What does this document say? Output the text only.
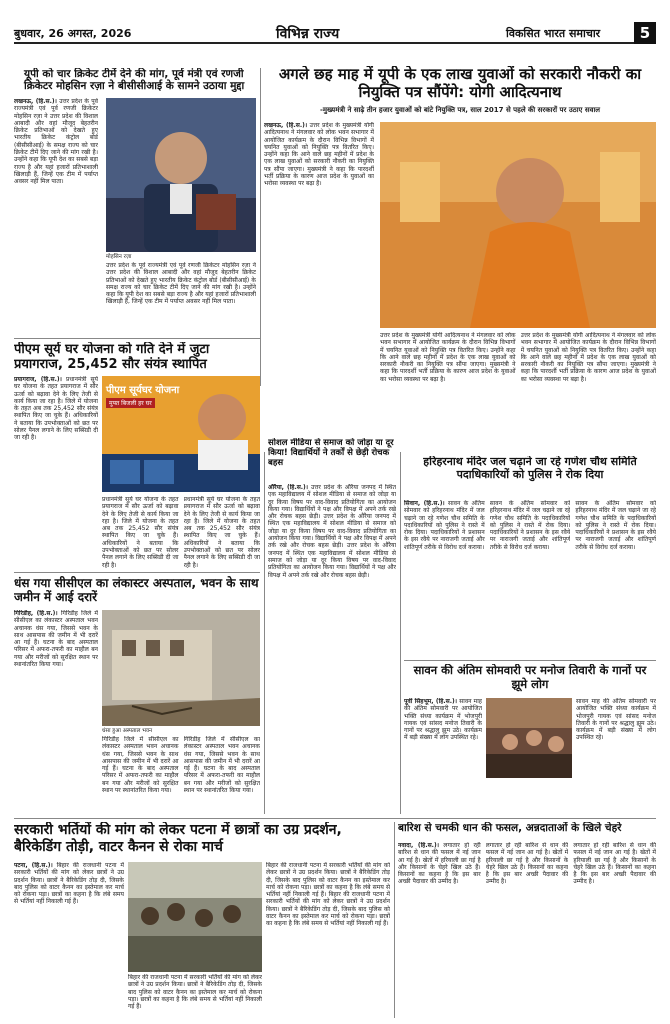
बुधवार, 26 अगस्त, 2026	विभिन्न राज्य	विकसित भारत समाचार	5
यूपी को चार क्रिकेट टीमें देने की मांग, पूर्व मंत्री एवं रणजी क्रिकेटर मोहसिन रज़ा ने बीसीसीआई के सामने उठाया मुद्दा
लखनऊ, (हि.स.)। उत्तर प्रदेश के पूर्व राज्यमंत्री एवं पूर्व रणजी क्रिकेटर मोहसिन रज़ा ने उत्तर प्रदेश की विशाल आबादी और वहां मौजूद बेहतरीन क्रिकेट प्रतिभाओं को देखते हुए भारतीय क्रिकेट कंट्रोल बोर्ड (बीसीसीआई) के समक्ष राज्य को चार क्रिकेट टीमें दिए जाने की मांग रखी है। उन्होंने कहा कि यूपी देश का सबसे बड़ा राज्य है और यहां हजारों प्रतिभाशाली खिलाड़ी हैं, जिन्हें एक टीम में पर्याप्त अवसर नहीं मिल पाता।
मोहसिन रज़ा
उत्तर प्रदेश के पूर्व राज्यमंत्री एवं पूर्व रणजी क्रिकेटर मोहसिन रज़ा ने उत्तर प्रदेश की विशाल आबादी और वहां मौजूद बेहतरीन क्रिकेट प्रतिभाओं को देखते हुए भारतीय क्रिकेट कंट्रोल बोर्ड (बीसीसीआई) के समक्ष राज्य को चार क्रिकेट टीमें दिए जाने की मांग रखी है। उन्होंने कहा कि यूपी देश का सबसे बड़ा राज्य है और यहां हजारों प्रतिभाशाली खिलाड़ी हैं, जिन्हें एक टीम में पर्याप्त अवसर नहीं मिल पाता।
अगले छह माह में यूपी के एक लाख युवाओं को सरकारी नौकरी का नियुक्ति पत्र सौंपेंगे: योगी आदित्यनाथ
-मुख्यमंत्री ने साढ़े तीन हजार युवाओं को बांटे नियुक्ति पत्र, साल 2017 से पहले की सरकारों पर उठाए सवाल
लखनऊ, (हि.स.)। उत्तर प्रदेश के मुख्यमंत्री योगी आदित्यनाथ ने मंगलवार को लोक भवन सभागार में आयोजित कार्यक्रम के दौरान विभिन्न विभागों में चयनित युवाओं को नियुक्ति पत्र वितरित किए। उन्होंने कहा कि आने वाले छह महीनों में प्रदेश के एक लाख युवाओं को सरकारी नौकरी का नियुक्ति पत्र सौंपा जाएगा। मुख्यमंत्री ने कहा कि पारदर्शी भर्ती प्रक्रिया के कारण आज प्रदेश के युवाओं का भरोसा व्यवस्था पर बढ़ा है।
उत्तर प्रदेश के मुख्यमंत्री योगी आदित्यनाथ ने मंगलवार को लोक भवन सभागार में आयोजित कार्यक्रम के दौरान विभिन्न विभागों में चयनित युवाओं को नियुक्ति पत्र वितरित किए। उन्होंने कहा कि आने वाले छह महीनों में प्रदेश के एक लाख युवाओं को सरकारी नौकरी का नियुक्ति पत्र सौंपा जाएगा। मुख्यमंत्री ने कहा कि पारदर्शी भर्ती प्रक्रिया के कारण आज प्रदेश के युवाओं का भरोसा व्यवस्था पर बढ़ा है।
उत्तर प्रदेश के मुख्यमंत्री योगी आदित्यनाथ ने मंगलवार को लोक भवन सभागार में आयोजित कार्यक्रम के दौरान विभिन्न विभागों में चयनित युवाओं को नियुक्ति पत्र वितरित किए। उन्होंने कहा कि आने वाले छह महीनों में प्रदेश के एक लाख युवाओं को सरकारी नौकरी का नियुक्ति पत्र सौंपा जाएगा। मुख्यमंत्री ने कहा कि पारदर्शी भर्ती प्रक्रिया के कारण आज प्रदेश के युवाओं का भरोसा व्यवस्था पर बढ़ा है।
पीएम सूर्य घर योजना को गति देने में जुटा प्रयागराज, 25,452 सौर संयंत्र स्थापित
प्रयागराज, (हि.स.)। प्रधानमंत्री सूर्य घर योजना के तहत प्रयागराज में सौर ऊर्जा को बढ़ावा देने के लिए तेजी से कार्य किया जा रहा है। जिले में योजना के तहत अब तक 25,452 सौर संयंत्र स्थापित किए जा चुके हैं। अधिकारियों ने बताया कि उपभोक्ताओं को छत पर सोलर पैनल लगाने के लिए सब्सिडी दी जा रही है।
पीएम सूर्यघर योजना
मुफ्त बिजली हर घर
प्रधानमंत्री सूर्य घर योजना के तहत प्रयागराज में सौर ऊर्जा को बढ़ावा देने के लिए तेजी से कार्य किया जा रहा है। जिले में योजना के तहत अब तक 25,452 सौर संयंत्र स्थापित किए जा चुके हैं। अधिकारियों ने बताया कि उपभोक्ताओं को छत पर सोलर पैनल लगाने के लिए सब्सिडी दी जा रही है।
प्रधानमंत्री सूर्य घर योजना के तहत प्रयागराज में सौर ऊर्जा को बढ़ावा देने के लिए तेजी से कार्य किया जा रहा है। जिले में योजना के तहत अब तक 25,452 सौर संयंत्र स्थापित किए जा चुके हैं। अधिकारियों ने बताया कि उपभोक्ताओं को छत पर सोलर पैनल लगाने के लिए सब्सिडी दी जा रही है।
धंस गया सीसीएल का लंकास्टर अस्पताल, भवन के साथ जमीन में आई दरारें
गिरिडीह, (हि.स.)। गिरिडीह जिले में सीसीएल का लंकास्टर अस्पताल भवन अचानक धंस गया, जिससे भवन के साथ आसपास की जमीन में भी दरारें आ गई हैं। घटना के बाद अस्पताल परिसर में अफरा-तफरी का माहौल बन गया और मरीजों को सुरक्षित स्थान पर स्थानांतरित किया गया।
धंसा हुआ अस्पताल भवन
गिरिडीह जिले में सीसीएल का लंकास्टर अस्पताल भवन अचानक धंस गया, जिससे भवन के साथ आसपास की जमीन में भी दरारें आ गई हैं। घटना के बाद अस्पताल परिसर में अफरा-तफरी का माहौल बन गया और मरीजों को सुरक्षित स्थान पर स्थानांतरित किया गया।
गिरिडीह जिले में सीसीएल का लंकास्टर अस्पताल भवन अचानक धंस गया, जिससे भवन के साथ आसपास की जमीन में भी दरारें आ गई हैं। घटना के बाद अस्पताल परिसर में अफरा-तफरी का माहौल बन गया और मरीजों को सुरक्षित स्थान पर स्थानांतरित किया गया।
सोशल मीडिया से समाज को जोड़ा या दूर किया! विद्यार्थियों ने तर्कों से छेड़ी रोचक बहस
औरैया, (हि.स.)। उत्तर प्रदेश के औरैया जनपद में स्थित एक महाविद्यालय में सोशल मीडिया से समाज को जोड़ा या दूर किया विषय पर वाद-विवाद प्रतियोगिता का आयोजन किया गया। विद्यार्थियों ने पक्ष और विपक्ष में अपने तर्क रखे और रोचक बहस छेड़ी। उत्तर प्रदेश के औरैया जनपद में स्थित एक महाविद्यालय में सोशल मीडिया से समाज को जोड़ा या दूर किया विषय पर वाद-विवाद प्रतियोगिता का आयोजन किया गया। विद्यार्थियों ने पक्ष और विपक्ष में अपने तर्क रखे और रोचक बहस छेड़ी। उत्तर प्रदेश के औरैया जनपद में स्थित एक महाविद्यालय में सोशल मीडिया से समाज को जोड़ा या दूर किया विषय पर वाद-विवाद प्रतियोगिता का आयोजन किया गया। विद्यार्थियों ने पक्ष और विपक्ष में अपने तर्क रखे और रोचक बहस छेड़ी।
हरिहरनाथ मंदिर जल चढ़ाने जा रहे गणेश चौथ समिति पदाधिकारियों को पुलिस ने रोक दिया
सिवान, (हि.स.)। सावन के अंतिम सोमवार को हरिहरनाथ मंदिर में जल चढ़ाने जा रहे गणेश चौथ समिति के पदाधिकारियों को पुलिस ने रास्ते में रोक दिया। पदाधिकारियों ने प्रशासन के इस रवैये पर नाराजगी जताई और शांतिपूर्ण तरीके से विरोध दर्ज कराया।
सावन के अंतिम सोमवार को हरिहरनाथ मंदिर में जल चढ़ाने जा रहे गणेश चौथ समिति के पदाधिकारियों को पुलिस ने रास्ते में रोक दिया। पदाधिकारियों ने प्रशासन के इस रवैये पर नाराजगी जताई और शांतिपूर्ण तरीके से विरोध दर्ज कराया।
सावन के अंतिम सोमवार को हरिहरनाथ मंदिर में जल चढ़ाने जा रहे गणेश चौथ समिति के पदाधिकारियों को पुलिस ने रास्ते में रोक दिया। पदाधिकारियों ने प्रशासन के इस रवैये पर नाराजगी जताई और शांतिपूर्ण तरीके से विरोध दर्ज कराया।
सावन की अंतिम सोमवारी पर मनोज तिवारी के गानों पर झूमे लोग
पूर्वी सिंहभूम, (हि.स.)। सावन माह की अंतिम सोमवारी पर आयोजित भक्ति संध्या कार्यक्रम में भोजपुरी गायक एवं सांसद मनोज तिवारी के गानों पर श्रद्धालु झूम उठे। कार्यक्रम में बड़ी संख्या में लोग उपस्थित रहे।
सावन माह की अंतिम सोमवारी पर आयोजित भक्ति संध्या कार्यक्रम में भोजपुरी गायक एवं सांसद मनोज तिवारी के गानों पर श्रद्धालु झूम उठे। कार्यक्रम में बड़ी संख्या में लोग उपस्थित रहे।
सरकारी भर्तियों की मांग को लेकर पटना में छात्रों का उग्र प्रदर्शन, बैरिकेडिंग तोड़ी, वाटर कैनन से रोका मार्च
पटना, (हि.स.)। बिहार की राजधानी पटना में सरकारी भर्तियों की मांग को लेकर छात्रों ने उग्र प्रदर्शन किया। छात्रों ने बैरिकेडिंग तोड़ दी, जिसके बाद पुलिस को वाटर कैनन का इस्तेमाल कर मार्च को रोकना पड़ा। छात्रों का कहना है कि लंबे समय से भर्तियां नहीं निकाली गई हैं।
बिहार की राजधानी पटना में सरकारी भर्तियों की मांग को लेकर छात्रों ने उग्र प्रदर्शन किया। छात्रों ने बैरिकेडिंग तोड़ दी, जिसके बाद पुलिस को वाटर कैनन का इस्तेमाल कर मार्च को रोकना पड़ा। छात्रों का कहना है कि लंबे समय से भर्तियां नहीं निकाली गई हैं।
बिहार की राजधानी पटना में सरकारी भर्तियों की मांग को लेकर छात्रों ने उग्र प्रदर्शन किया। छात्रों ने बैरिकेडिंग तोड़ दी, जिसके बाद पुलिस को वाटर कैनन का इस्तेमाल कर मार्च को रोकना पड़ा। छात्रों का कहना है कि लंबे समय से भर्तियां नहीं निकाली गई हैं। बिहार की राजधानी पटना में सरकारी भर्तियों की मांग को लेकर छात्रों ने उग्र प्रदर्शन किया। छात्रों ने बैरिकेडिंग तोड़ दी, जिसके बाद पुलिस को वाटर कैनन का इस्तेमाल कर मार्च को रोकना पड़ा। छात्रों का कहना है कि लंबे समय से भर्तियां नहीं निकाली गई हैं।
बारिश से चमकी धान की फसल, अन्नदाताओं के खिले चेहरे
नवादा, (हि.स.)। लगातार हो रही बारिश से धान की फसल में नई जान आ गई है। खेतों में हरियाली छा गई है और किसानों के चेहरे खिल उठे हैं। किसानों का कहना है कि इस बार अच्छी पैदावार की उम्मीद है।
लगातार हो रही बारिश से धान की फसल में नई जान आ गई है। खेतों में हरियाली छा गई है और किसानों के चेहरे खिल उठे हैं। किसानों का कहना है कि इस बार अच्छी पैदावार की उम्मीद है।
लगातार हो रही बारिश से धान की फसल में नई जान आ गई है। खेतों में हरियाली छा गई है और किसानों के चेहरे खिल उठे हैं। किसानों का कहना है कि इस बार अच्छी पैदावार की उम्मीद है।
